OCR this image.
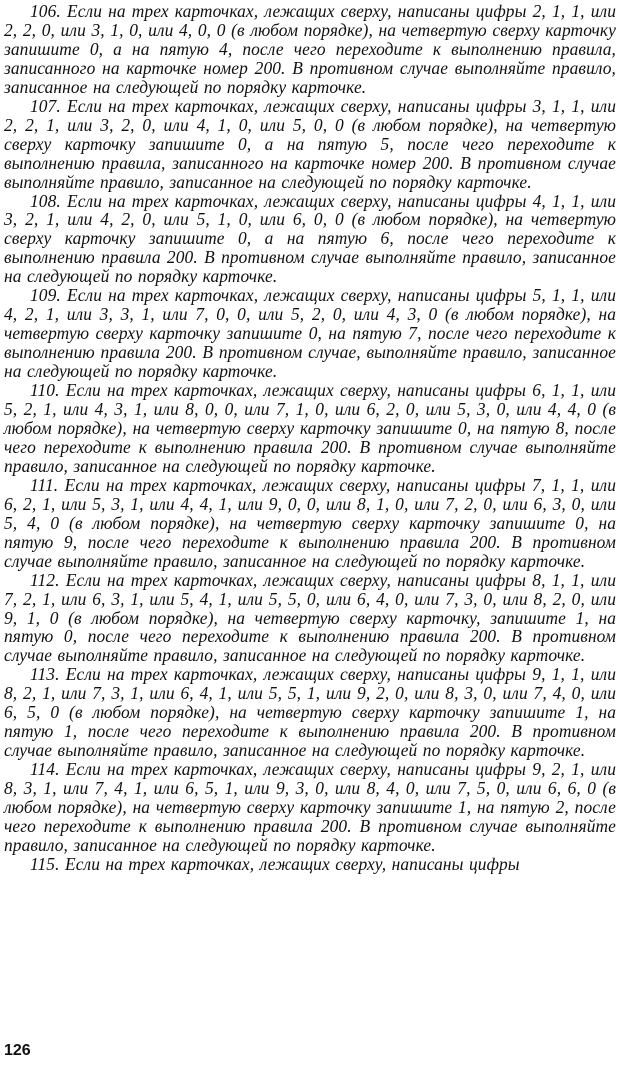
106. Если на трех карточках, лежащих сверху, написаны цифры 2, 1, 1, или 2, 2, 0, или 3, 1, 0, или 4, 0, 0 (в любом порядке), на четвертую сверху карточку запишите 0, а на пятую 4, после чего переходите к выполнению правила, записанного на карточке номер 200. В противном случае выполняйте правило, записанное на следующей по порядку карточке.

107. Если на трех карточках, лежащих сверху, написаны цифры 3, 1, 1, или 2, 2, 1, или 3, 2, 0, или 4, 1, 0, или 5, 0, 0 (в любом порядке), на четвертую сверху карточку запишите 0, а на пятую 5, после чего переходите к выполнению правила, записанного на карточке номер 200. В противном случае выполняйте правило, записанное на следующей по порядку карточке.

108. Если на трех карточках, лежащих сверху, написаны цифры 4, 1, 1, или 3, 2, 1, или 4, 2, 0, или 5, 1, 0, или 6, 0, 0 (в любом порядке), на четвертую сверху карточку запишите 0, а на пятую 6, после чего переходите к выполнению правила 200. В противном случае выполняйте правило, записанное на следующей по порядку карточке.

109. Если на трех карточках, лежащих сверху, написаны цифры 5, 1, 1, или 4, 2, 1, или 3, 3, 1, или 7, 0, 0, или 5, 2, 0, или 4, 3, 0 (в любом порядке), на четвертую сверху карточку запишите 0, на пятую 7, после чего переходите к выполнению правила 200. В противном случае, выполняйте правило, записанное на следующей по порядку карточке.

110. Если на трех карточках, лежащих сверху, написаны цифры 6, 1, 1, или 5, 2, 1, или 4, 3, 1, или 8, 0, 0, или 7, 1, 0, или 6, 2, 0, или 5, 3, 0, или 4, 4, 0 (в любом порядке), на четвертую сверху карточку запишите 0, на пятую 8, после чего переходите к выполнению правила 200. В противном случае выполняйте правило, записанное на следующей по порядку карточке.

111. Если на трех карточках, лежащих сверху, написаны цифры 7, 1, 1, или 6, 2, 1, или 5, 3, 1, или 4, 4, 1, или 9, 0, 0, или 8, 1, 0, или 7, 2, 0, или 6, 3, 0, или 5, 4, 0 (в любом порядке), на четвертую сверху карточку запишите 0, на пятую 9, после чего переходите к выполнению правила 200. В противном случае выполняйте правило, записанное на следующей по порядку карточке.

112. Если на трех карточках, лежащих сверху, написаны цифры 8, 1, 1, или 7, 2, 1, или 6, 3, 1, или 5, 4, 1, или 5, 5, 0, или 6, 4, 0, или 7, 3, 0, или 8, 2, 0, или 9, 1, 0 (в любом порядке), на четвертую сверху карточку, запишите 1, на пятую 0, после чего переходите к выполнению правила 200. В противном случае выполняйте правило, записанное на следующей по порядку карточке.

113. Если на трех карточках, лежащих сверху, написаны цифры 9, 1, 1, или 8, 2, 1, или 7, 3, 1, или 6, 4, 1, или 5, 5, 1, или 9, 2, 0, или 8, 3, 0, или 7, 4, 0, или 6, 5, 0 (в любом порядке), на четвертую сверху карточку запишите 1, на пятую 1, после чего переходите к выполнению правила 200. В противном случае выполняйте правило, записанное на следующей по порядку карточке.

114. Если на трех карточках, лежащих сверху, написаны цифры 9, 2, 1, или 8, 3, 1, или 7, 4, 1, или 6, 5, 1, или 9, 3, 0, или 8, 4, 0, или 7, 5, 0, или 6, 6, 0 (в любом порядке), на четвертую сверху карточку запишите 1, на пятую 2, после чего переходите к выполнению правила 200. В противном случае выполняйте правило, записанное на следующей по порядку карточке.

115. Если на трех карточках, лежащих сверху, написаны цифры

126
